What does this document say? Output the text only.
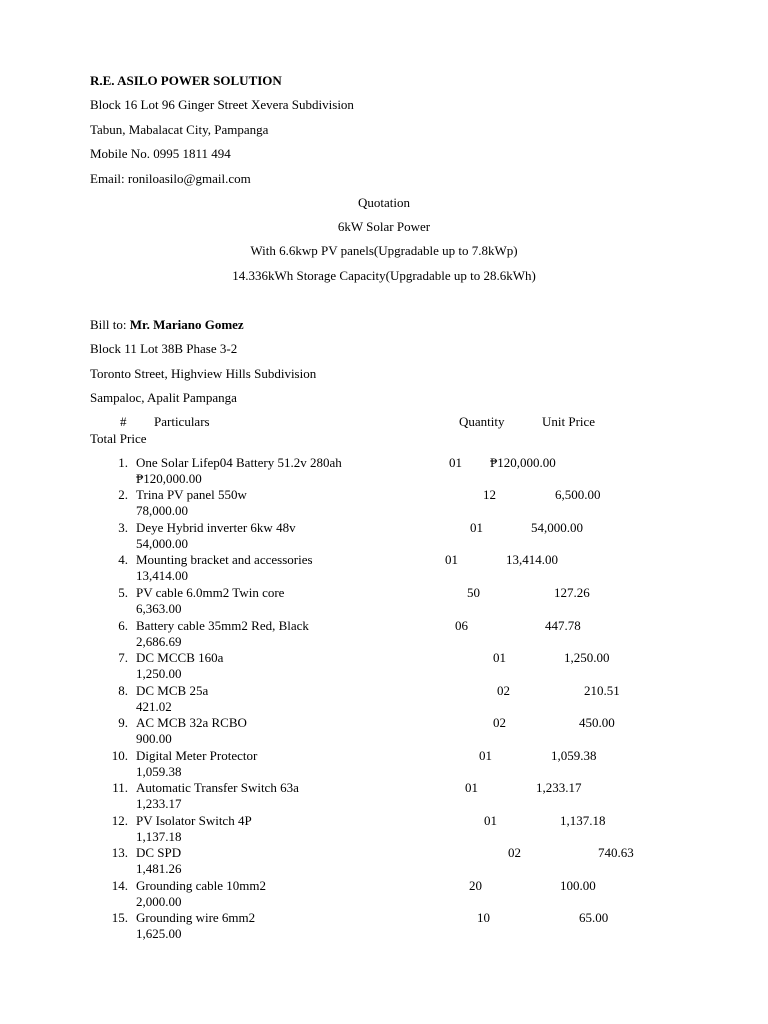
R.E. ASILO POWER SOLUTION
Block 16 Lot 96 Ginger Street Xevera Subdivision
Tabun, Mabalacat City, Pampanga
Mobile No. 0995 1811 494
Email: roniloasilo@gmail.com
Quotation
6kW Solar Power
With 6.6kwp PV panels(Upgradable up to 7.8kWp)
14.336kWh Storage Capacity(Upgradable up to 28.6kWh)
Bill to: Mr. Mariano Gomez
Block 11 Lot 38B Phase 3-2
Toronto Street, Highview Hills Subdivision
Sampaloc, Apalit Pampanga
# Particulars	Quantity	Unit Price
Total Price
1. One Solar Lifep04 Battery 51.2v 280ah	01 ₱120,000.00
₱120,000.00
2. Trina PV panel 550w	12	6,500.00
78,000.00
3. Deye Hybrid inverter 6kw 48v	01	54,000.00
54,000.00
4. Mounting bracket and accessories	01	13,414.00
13,414.00
5. PV cable 6.0mm2 Twin core	50	127.26
6,363.00
6. Battery cable 35mm2 Red, Black	06	447.78
2,686.69
7. DC MCCB 160a	01	1,250.00
1,250.00
8. DC MCB 25a	02	210.51
421.02
9. AC MCB 32a RCBO	02	450.00
900.00
10. Digital Meter Protector	01	1,059.38
1,059.38
11. Automatic Transfer Switch 63a	01	1,233.17
1,233.17
12. PV Isolator Switch 4P	01	1,137.18
1,137.18
13. DC SPD	02	740.63
1,481.26
14. Grounding cable 10mm2	20	100.00
2,000.00
15. Grounding wire 6mm2	10	65.00
1,625.00
